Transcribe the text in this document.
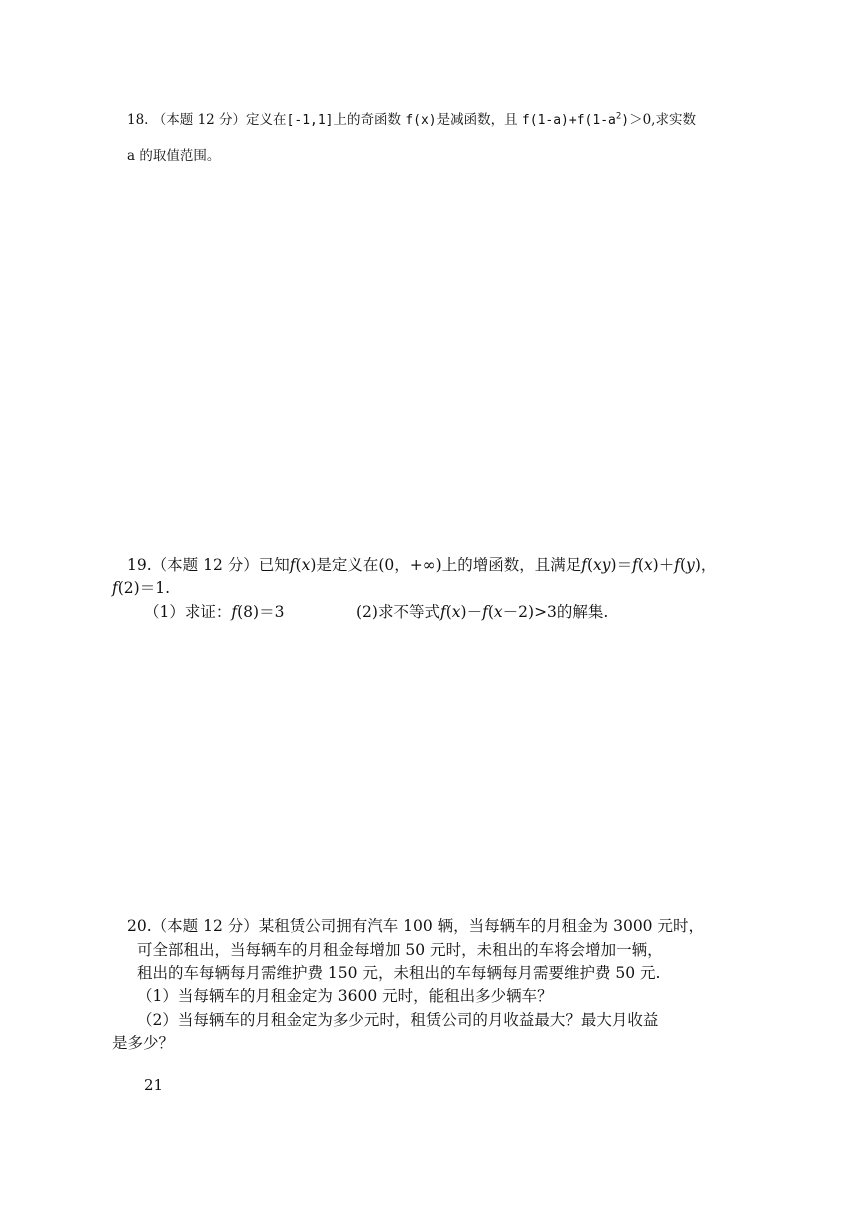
18. （本题 12 分）定义在[-1,1]上的奇函数 f(x)是减函数，且 $f(1-a)+f(1-a^2)>0$,求实数
a 的取值范围。
19.（本题 12 分）已知f(x)是定义在(0，+∞)上的增函数，且满足f(xy)＝f(x)＋f(y)，
f(2)＝1.
（1）求证：f(8)＝3	(2)求不等式f(x)－f(x－2)>3的解集.
20.（本题 12 分）某租赁公司拥有汽车 100 辆，当每辆车的月租金为 3000 元时，
可全部租出，当每辆车的月租金每增加 50 元时，未租出的车将会增加一辆，
租出的车每辆每月需维护费 150 元，未租出的车每辆每月需要维护费 50 元.
（1）当每辆车的月租金定为 3600 元时，能租出多少辆车？
（2）当每辆车的月租金定为多少元时，租赁公司的月收益最大？最大月收益
是多少？
21
